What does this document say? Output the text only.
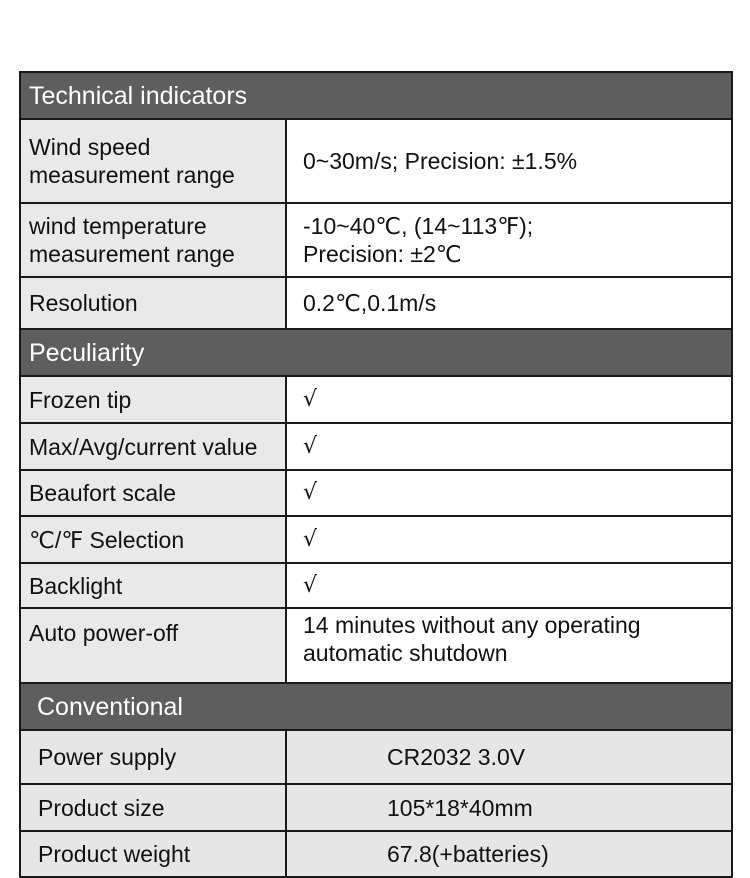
Technical indicators	

Wind speed
measurement range	0~30m/s; Precision: ±1.5%

wind temperature
measurement range	-10~40℃, (14~113℉);
Precision: ±2℃

Resolution	0.2℃,0.1m/s
Peculiarity	
Frozen tip	√
Max/Avg/current value	√
Beaufort scale	√
℃/℉ Selection	√
Backlight	√
Auto power-off	14 minutes without any operating
automatic shutdown

Conventional	
Power supply	CR2032 3.0V
Product size	105*18*40mm
Product weight	67.8(+batteries)
